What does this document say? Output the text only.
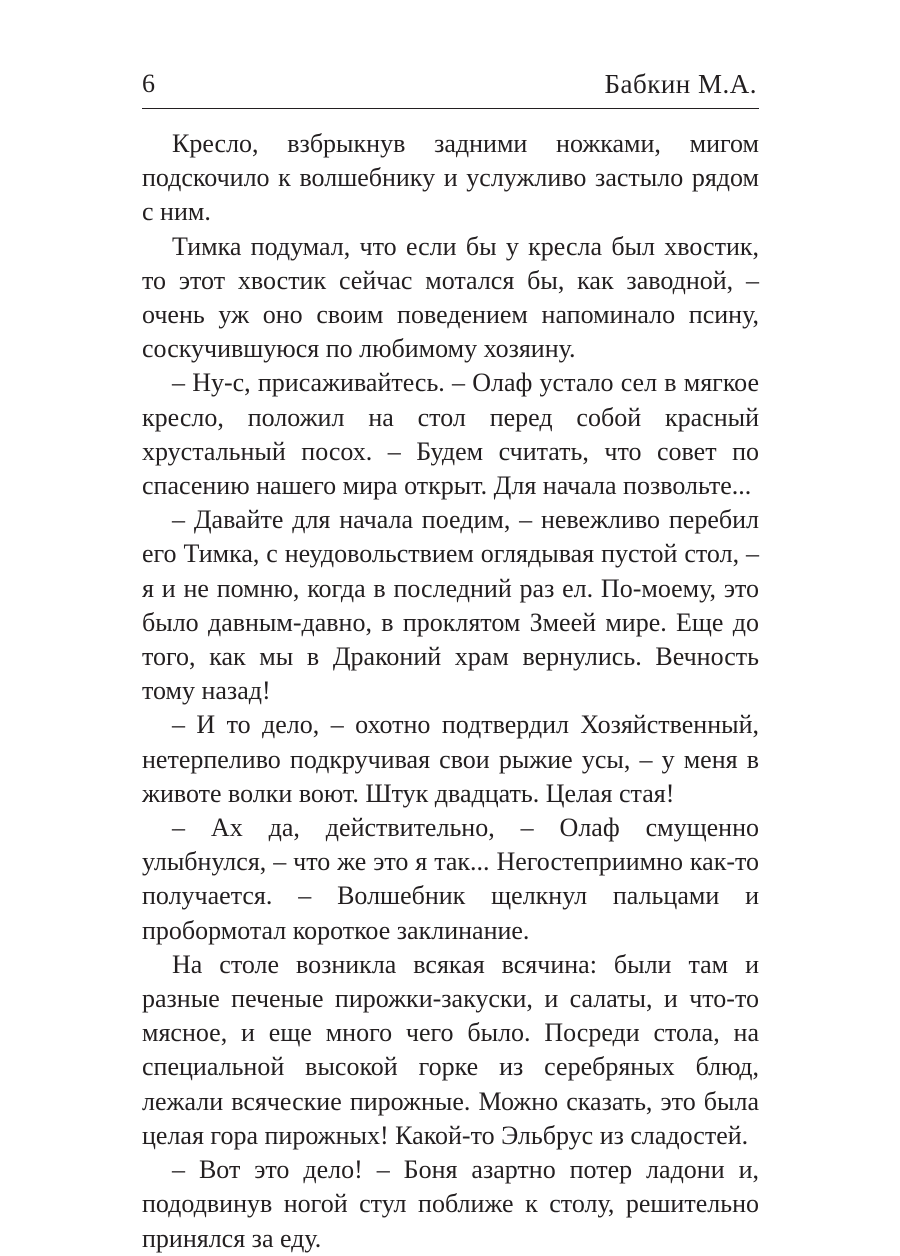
6	Бабкин М.А.

Кресло, взбрыкнув задними ножками, мигом подскочило к волшебнику и услужливо застыло рядом с ним.

Тимка подумал, что если бы у кресла был хвостик, то этот хвостик сейчас мотался бы, как заводной, – очень уж оно своим поведением напоминало псину, соскучившуюся по любимому хозяину.

– Ну-с, присаживайтесь. – Олаф устало сел в мягкое кресло, положил на стол перед собой красный хрустальный посох. – Будем считать, что совет по спасению нашего мира открыт. Для начала позвольте...

– Давайте для начала поедим, – невежливо перебил его Тимка, с неудовольствием оглядывая пустой стол, – я и не помню, когда в последний раз ел. По-моему, это было давным-давно, в проклятом Змеей мире. Еще до того, как мы в Драконий храм вернулись. Вечность тому назад!

– И то дело, – охотно подтвердил Хозяйственный, нетерпеливо подкручивая свои рыжие усы, – у меня в животе волки воют. Штук двадцать. Целая стая!

– Ах да, действительно, – Олаф смущенно улыбнулся, – что же это я так... Негостеприимно как-то получается. – Волшебник щелкнул пальцами и пробормотал короткое заклинание.

На столе возникла всякая всячина: были там и разные печеные пирожки-закуски, и салаты, и что-то мясное, и еще много чего было. Посреди стола, на специальной высокой горке из серебряных блюд, лежали всяческие пирожные. Можно сказать, это была целая гора пирожных! Какой-то Эльбрус из сладостей.

– Вот это дело! – Боня азартно потер ладони и, пододвинув ногой стул поближе к столу, решительно принялся за еду.
